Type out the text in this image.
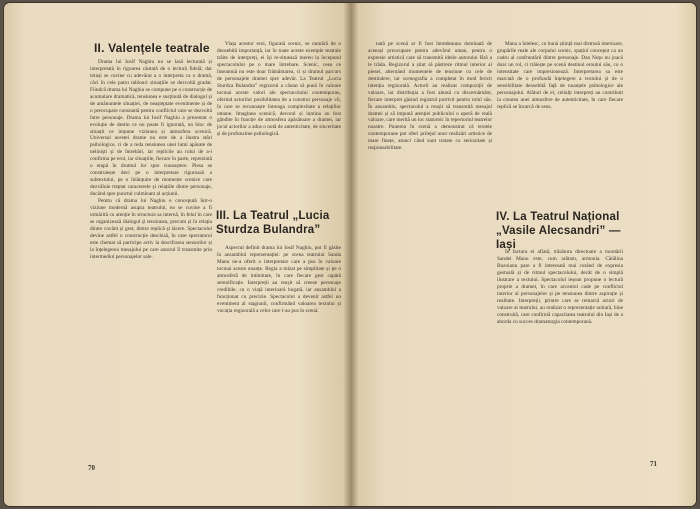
II. Valențele teatrale

Drama lui Iosif Naghiu nu se lasă lecturată și interpretată în rigoarea căutată de o lectură fidelă; dar totuși se cuvine cu adevărat a o interpreta ca o dramă, căci în cele patru tablouri situațiile se dezvoltă gradat. Fiindcă drama lui Naghiu se compune pe o construcție de acumulare dramatică, tensiunea e susținută de dialogul și de amănuntele situației, de neașteptate evenimente și de o preocupare constantă pentru conflictul care se dezvoltă între personaje. Drama lui Iosif Naghiu a prezentat o evoluție de destin ce nu poate fi ignorată, un bloc de situații ce impune viziunea și atmosfera scenică. Universul acestei drame nu este de a ilustra stări psihologice, ci de a reda tensiunea unei lumi apăsate de neliniști și de întrebări, iar replicile au rolul de a-i confirma pe eroi, iar situațiile, fiecare în parte, reprezintă o etapă în drumul lor spre cunoaștere. Piesa se construiește deci pe o interpretare riguroasă a subtextului, pe o înlănțuire de momente scenice care dezvăluie treptat caracterele și relațiile dintre personaje, ducând spre punctul culminant al acțiunii.

Pentru că drama lui Naghiu e concepută într-o viziune modernă asupra teatrului, ea se cuvine a fi urmărită cu atenție în structura sa internă, în felul în care se organizează dialogul și tensiunea, precum și în relația dintre cuvânt și gest, dintre replică și tăcere. Spectacolul devine astfel o construcție deschisă, în care spectatorul este chemat să participe activ la descifrarea sensurilor și la înțelegerea mesajului pe care autorul îl transmite prin intermediul personajelor sale.

Viața acestor eroi, figurată scenic, se numără de o deosebită importanță, iar în toate aceste exemple teatrale trăite de interpreți, ei își re-situează mereu la începutul spectacolului pe o mare întrebare. Scenic, ceea ce înseamnă nu este doar frământarea, ci și drumul parcurs de personajele dramei spre adevăr. La Teatrul „Lucia Sturdza Bulandra” regizorul a căutat să pună în valoare tocmai aceste valori ale spectacolului contemporan, oferind actorilor posibilitatea de a construi personaje vii, în care se recunoaște întreaga complexitate a relațiilor umane. Imaginea scenică, decorul și lumina au fost gândite în funcție de atmosfera apăsătoare a dramei, iar jocul actorilor a adus o notă de autenticitate, de sinceritate și de profunzime psihologică.

III. La Teatrul „Lucia Sturdza Bulandra”

Aspectul definit drama lui Iosif Naghiu, pot fi găsite în ansamblul reprezentației: pe scena teatrului Sanda Manu ne-a oferit o interpretare care a pus în valoare tocmai aceste nuanțe. Regia a mizat pe simplitate și pe o atmosferă de intimitate, în care fiecare gest capătă semnificație. Interpreții au reușit să creeze personaje credibile, cu o viață interioară bogată, iar ansamblul a funcționat cu precizie. Spectacolul a devenit astfel un eveniment al stagiunii, confirmând valoarea textului și vocația regizorală a celor care l-au pus în scenă.

70

nată pe scenă ar fi fost întotdeauna dominată de aceeași preocupare pentru adevărul uman, pentru o expresie artistică care să transmită ideile autorului fără a le trăda. Regizorul a știut să păstreze ritmul interior al piesei, alternând momentele de tensiune cu cele de destindere, iar scenografia a completat în mod fericit intenția regizorală. Actorii au realizat compoziții de valoare, iar distribuția a fost aleasă cu discernământ, fiecare interpret găsind registrul potrivit pentru rolul său. În ansamblu, spectacolul a reușit să transmită mesajul dramei și să impună atenției publicului o operă de reală valoare, care merită un loc statornic în repertoriul teatrelor noastre. Punerea în scenă a demonstrat că textele contemporane pot oferi prilejul unor realizări artistice de mare finețe, atunci când sunt tratate cu seriozitate și responsabilitate.

Mana a întelesc, cu bună știință mai distrusă interioare, grupările reale ale corpului scenic, spațiul conceput ca un cadru al confruntării dintre personaje. Dan Nuțu nu joacă doar un rol, ci trăiește pe scenă destinul eroului său, cu o intensitate care impresionează. Interpretarea sa este marcată de o profundă înțelegere a textului și de o sensibilitate deosebită față de nuanțele psihologice ale personajului. Alături de el, ceilalți interpreți au contribuit la crearea unei atmosfere de autenticitate, în care fiecare replică se încarcă de sens.

IV. La Teatrul Național „Vasile Alecsandri” — Iași

În factura ei aflată, trăsătura directoare a montării Sandei Manu este, cum arătam, armonia. Cătălina Buzoianu pare a fi interesată mai curând de expresia gestuală și de ritmul spectacolului, decât de o simplă ilustrare a textului. Spectacolul ieșean propune o lectură proprie a dramei, în care accentul cade pe conflictul interior al personajelor și pe tensiunea dintre aspirație și realitate. Interpreții, printre care se remarcă actori de valoare ai teatrului, au realizat o reprezentație unitară, bine construită, care confirmă capacitatea teatrului din Iași de a aborda cu succes dramaturgia contemporană.

71
